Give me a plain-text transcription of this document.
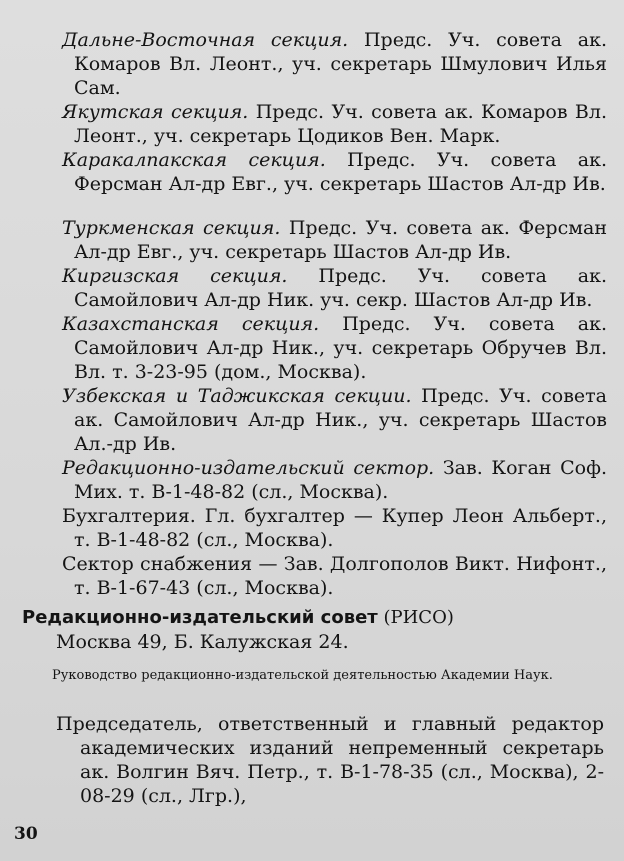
Дальне-Восточная секция. Предс. Уч. совета ак. Комаров Вл. Леонт., уч. секретарь Шмулович Илья Сам.
Якутская секция. Предс. Уч. совета ак. Комаров Вл. Леонт., уч. секретарь Цодиков Вен. Марк.
Каракалпакская секция. Предс. Уч. совета ак. Ферсман Ал-др Евг., уч. секретарь Шастов Ал-др Ив.
Туркменская секция. Предс. Уч. совета ак. Ферсман Ал-др Евг., уч. секретарь Шастов Ал-др Ив.
Киргизская секция. Предс. Уч. совета ак. Самойлович Ал-др Ник. уч. секр. Шастов Ал-др Ив.
Казахстанская секция. Предс. Уч. совета ак. Самойлович Ал-др Ник., уч. секретарь Обручев Вл. Вл. т. 3-23-95 (дом., Москва).
Узбекская и Таджикская секции. Предс. Уч. совета ак. Самойлович Ал-др Ник., уч. секретарь Шастов Ал.-др Ив.
Редакционно-издательский сектор. Зав. Коган Соф. Мих. т. В-1-48-82 (сл., Москва).
Бухгалтерия. Гл. бухгалтер — Купер Леон Альберт., т. В-1-48-82 (сл., Москва).
Сектор снабжения — Зав. Долгополов Викт. Нифонт., т. В-1-67-43 (сл., Москва).
Редакционно-издательский совет (РИСО)
Москва 49, Б. Калужская 24.
Руководство редакционно-издательской деятельностью Академии Наук.
Председатель, ответственный и главный редактор академических изданий непременный секретарь ак. Волгин Вяч. Петр., т. В-1-78-35 (сл., Москва), 2-08-29 (сл., Лгр.),
30
